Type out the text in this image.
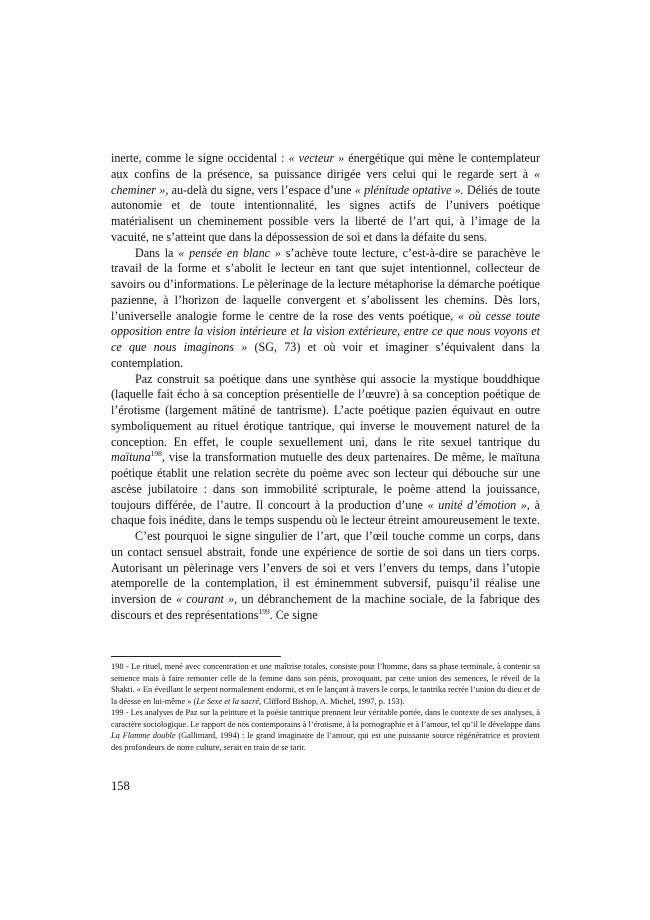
inerte, comme le signe occidental : « vecteur » énergétique qui mène le contemplateur aux confins de la présence, sa puissance dirigée vers celui qui le regarde sert à « cheminer », au-delà du signe, vers l’espace d’une « plénitude optative ». Déliés de toute autonomie et de toute intentionnalité, les signes actifs de l’univers poétique matérialisent un cheminement possible vers la liberté de l’art qui, à l’image de la vacuité, ne s’atteint que dans la dépossession de soi et dans la défaite du sens.

Dans la « pensée en blanc » s’achève toute lecture, c’est-à-dire se parachève le travail de la forme et s’abolit le lecteur en tant que sujet intentionnel, collecteur de savoirs ou d’informations. Le pèlerinage de la lecture métaphorise la démarche poétique pazienne, à l’horizon de laquelle convergent et s’abolissent les chemins. Dès lors, l’universelle analogie forme le centre de la rose des vents poétique, « où cesse toute opposition entre la vision intérieure et la vision extérieure, entre ce que nous voyons et ce que nous imaginons » (SG, 73) et où voir et imaginer s’équivalent dans la contemplation.

Paz construit sa poétique dans une synthèse qui associe la mystique bouddhique (laquelle fait écho à sa conception présentielle de l’œuvre) à sa conception poétique de l’érotisme (largement mâtiné de tantrisme). L’acte poétique pazien équivaut en outre symboliquement au rituel érotique tantrique, qui inverse le mouvement naturel de la conception. En effet, le couple sexuellement uni, dans le rite sexuel tantrique du maïtuna$^{198}$, vise la transformation mutuelle des deux partenaires. De même, le maïtuna poétique établit une relation secrète du poème avec son lecteur qui débouche sur une ascèse jubilatoire : dans son immobilité scripturale, le poème attend la jouissance, toujours différée, de l’autre. Il concourt à la production d’une « unité d’émotion », à chaque fois inédite, dans le temps suspendu où le lecteur étreint amoureusement le texte.

C’est pourquoi le signe singulier de l’art, que l’œil touche comme un corps, dans un contact sensuel abstrait, fonde une expérience de sortie de soi dans un tiers corps. Autorisant un pèlerinage vers l’envers de soi et vers l’envers du temps, dans l’utopie atemporelle de la contemplation, il est éminemment subversif, puisqu’il réalise une inversion de « courant », un débranchement de la machine sociale, de la fabrique des discours et des représentations$^{199}$. Ce signe

198 - Le rituel, mené avec concentration et une maîtrise totales, consiste pour l’homme, dans sa phase terminale, à contenir sa semence mais à faire remonter celle de la femme dans son pénis, provoquant, par cette union des semences, le réveil de la Shakti. « En éveillant le serpent normalement endormi, et en le lançant à travers le corps, le tantrika recrée l’union du dieu et de la déesse en lui-même » (Le Sexe et la sacré, Clifford Bishop, A. Michel, 1997, p. 153).

199 - Les analyses de Paz sur la peinture et la poésie tantrique prennent leur véritable portée, dans le contexte de ses analyses, à caractère sociologique. Le rapport de nos contemporains à l’érotisme, à la pornographie et à l’amour, tel qu’il le développe dans La Flamme double (Gallimard, 1994) : le grand imaginaire de l’amour, qui est une puissante source régénératrice et provient des profondeurs de notre culture, serait en train de se tarir.

158
